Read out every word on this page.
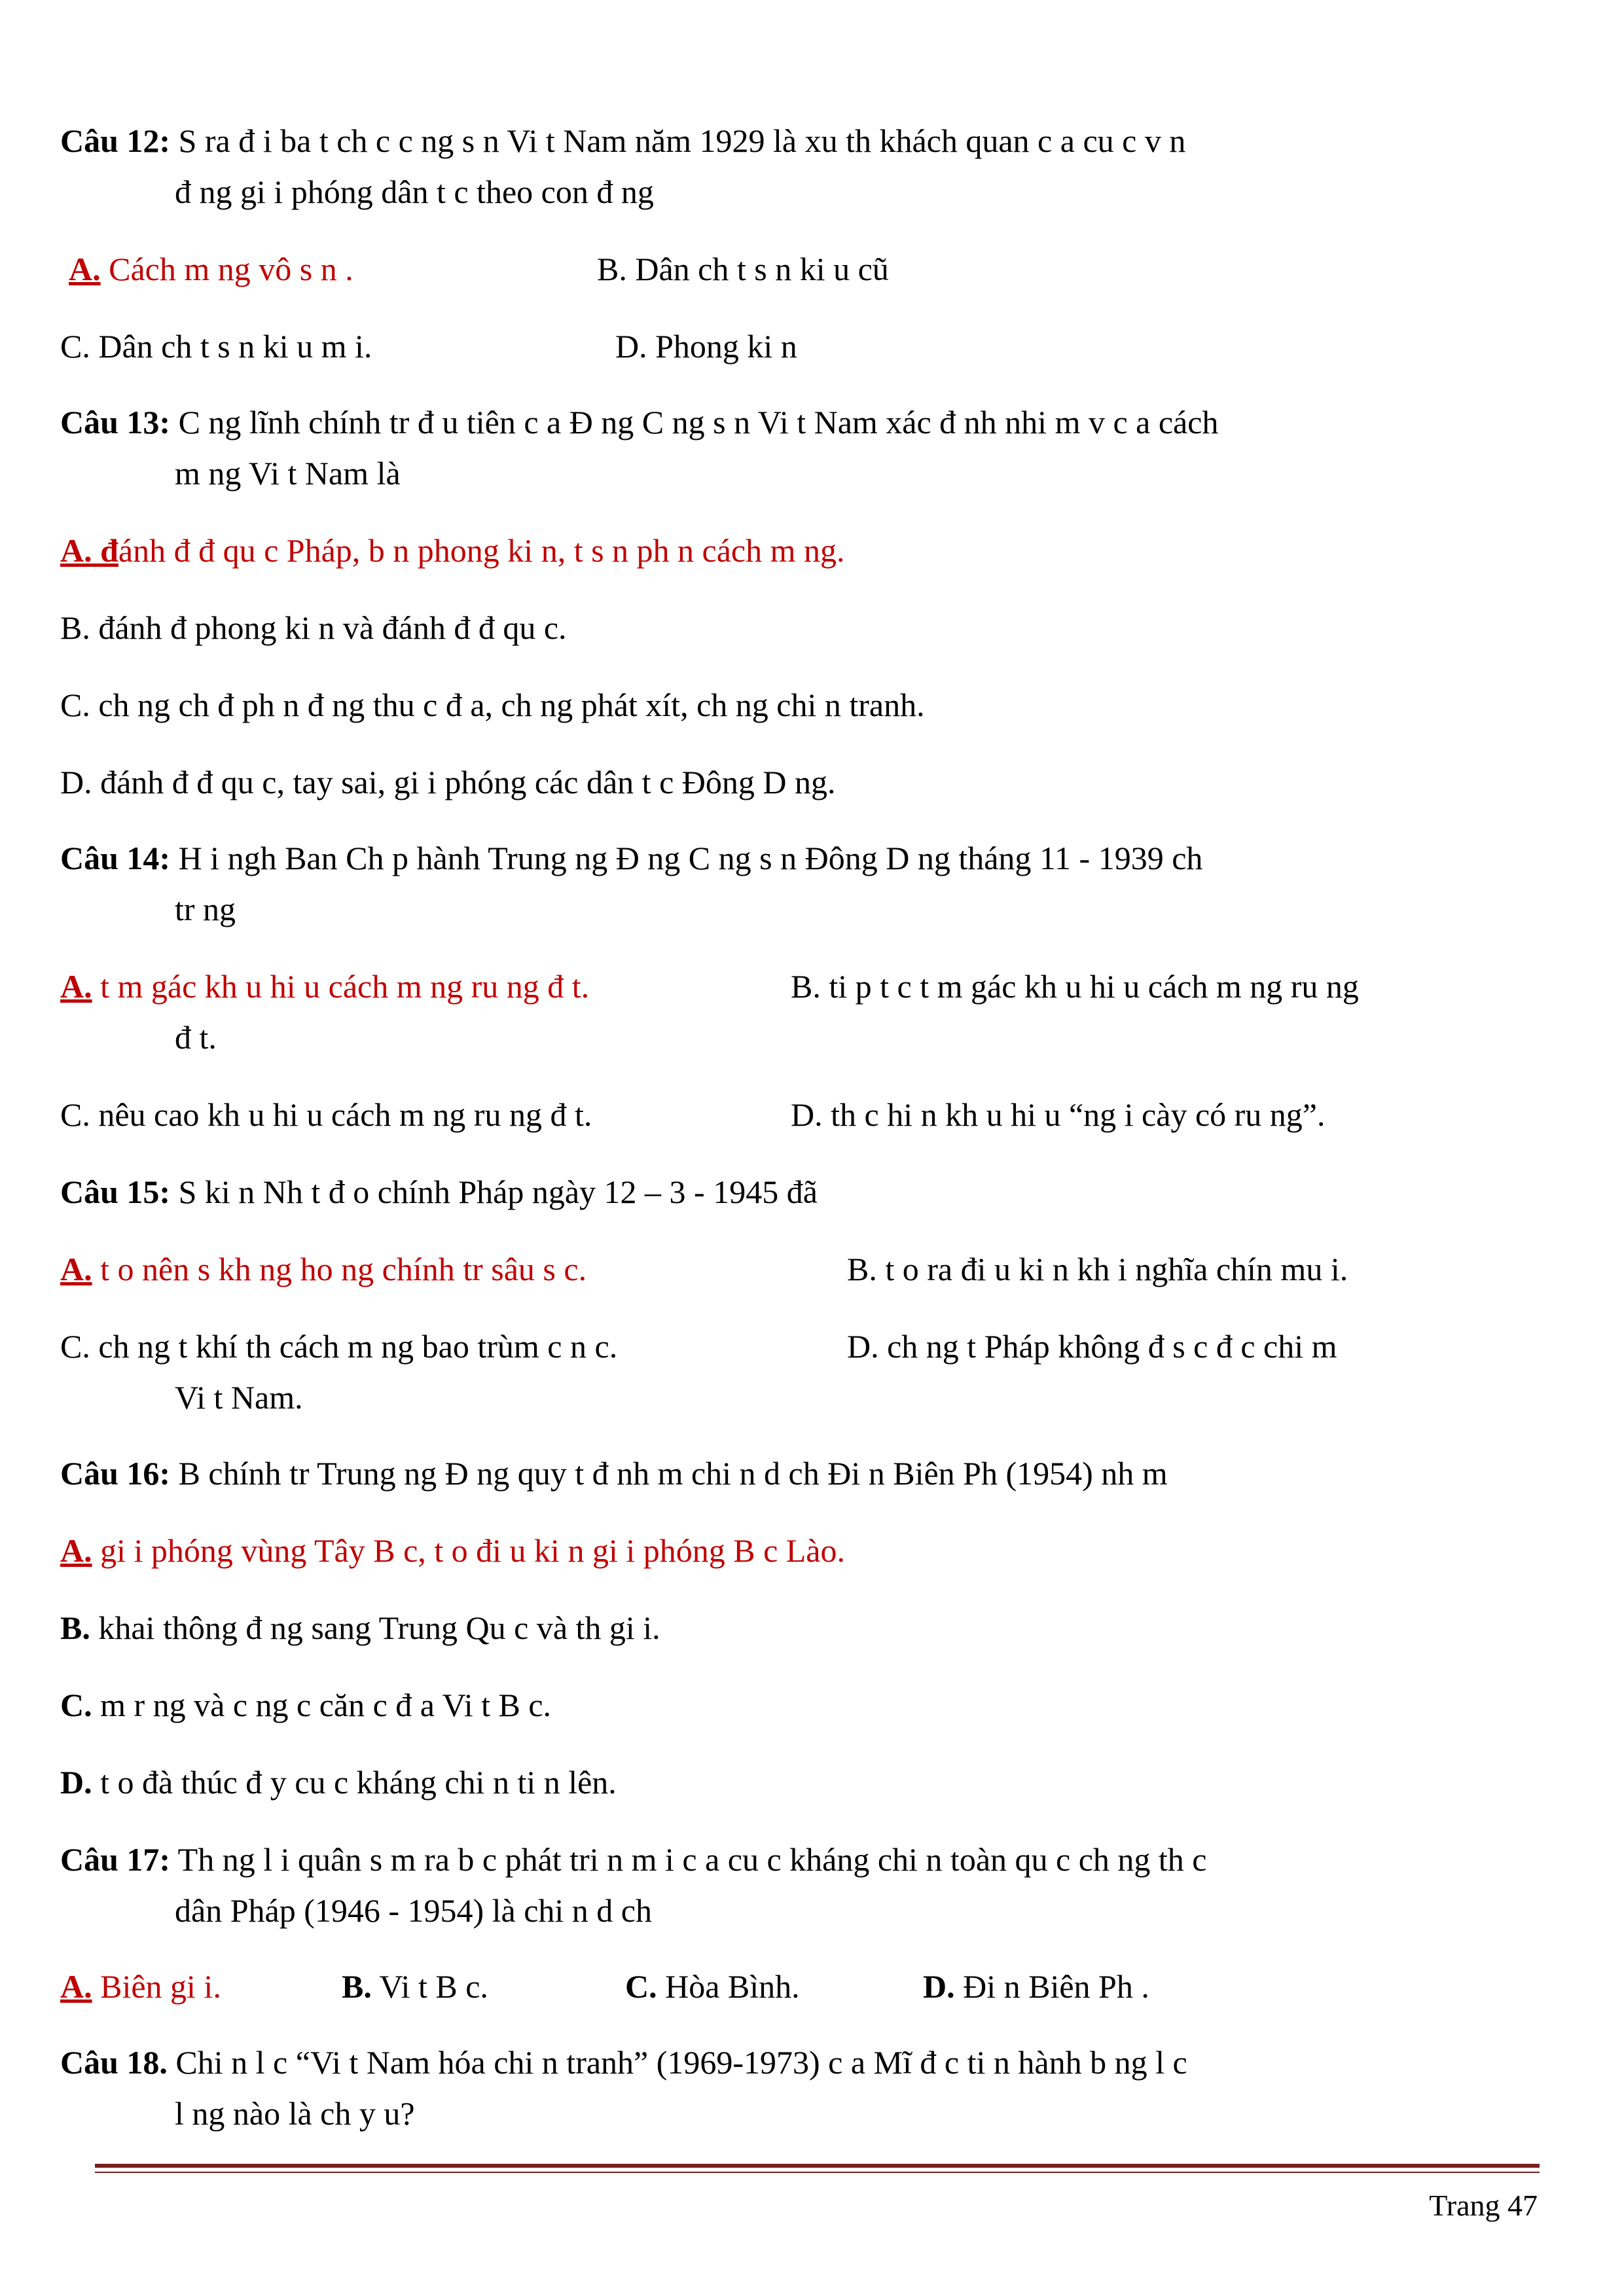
Câu 12: S ra đ i ba t ch c c ng s n Vi t Nam năm 1929 là xu th khách quan c a cu c v n
đ ng gi i phóng dân t c theo con đ ng
A. Cách m ng vô s n .	B. Dân ch t s n ki u cũ
C. Dân ch t s n ki u m i.	D. Phong ki n
Câu 13: C ng lĩnh chính tr đ u tiên c a Đ ng C ng s n Vi t Nam xác đ nh nhi m v c a cách
m ng Vi t Nam là
A. đánh đ đ qu c Pháp, b n phong ki n, t s n ph n cách m ng.
B. đánh đ phong ki n và đánh đ đ qu c.
C. ch ng ch đ ph n đ ng thu c đ a, ch ng phát xít, ch ng chi n tranh.
D. đánh đ đ qu c, tay sai, gi i phóng các dân t c Đông D ng.
Câu 14: H i ngh Ban Ch p hành Trung ng Đ ng C ng s n Đông D ng tháng 11 - 1939 ch
tr ng
A. t m gác kh u hi u cách m ng ru ng đ t.	B. ti p t c t m gác kh u hi u cách m ng ru ng
đ t.
C. nêu cao kh u hi u cách m ng ru ng đ t.	D. th c hi n kh u hi u “ng i cày có ru ng”.
Câu 15: S ki n Nh t đ o chính Pháp ngày 12 – 3 - 1945 đã
A. t o nên s kh ng ho ng chính tr sâu s c.	B. t o ra đi u ki n kh i nghĩa chín mu i.
C. ch ng t khí th cách m ng bao trùm c n c.	D. ch ng t Pháp không đ s c đ c chi m
Vi t Nam.
Câu 16: B chính tr Trung ng Đ ng quy t đ nh m chi n d ch Đi n Biên Ph (1954) nh m
A. gi i phóng vùng Tây B c, t o đi u ki n gi i phóng B c Lào.
B. khai thông đ ng sang Trung Qu c và th gi i.
C. m r ng và c ng c căn c đ a Vi t B c.
D. t o đà thúc đ y cu c kháng chi n ti n lên.
Câu 17: Th ng l i quân s m ra b c phát tri n m i c a cu c kháng chi n toàn qu c ch ng th c
dân Pháp (1946 - 1954) là chi n d ch
A. Biên gi i.	B. Vi t B c.	C. Hòa Bình.	D. Đi n Biên Ph .
Câu 18. Chi n l c “Vi t Nam hóa chi n tranh” (1969-1973) c a Mĩ đ c ti n hành b ng l c
l ng nào là ch y u?
Trang 47
